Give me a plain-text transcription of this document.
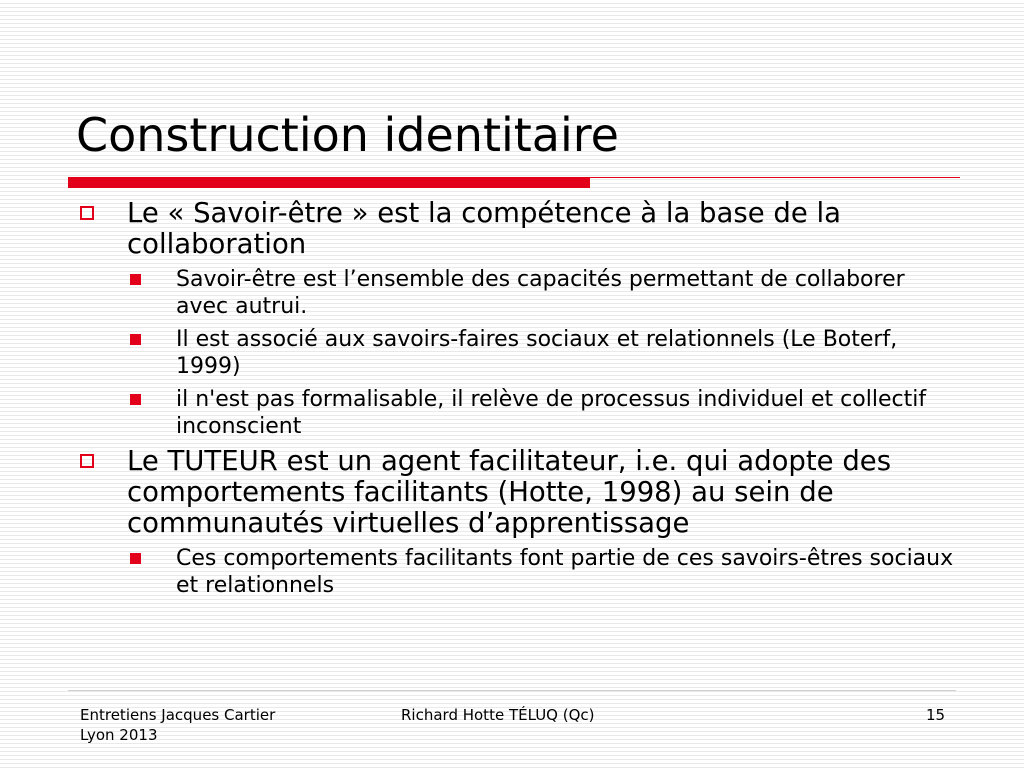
Construction identitaire
Le « Savoir-être » est la compétence à la base de la collaboration
Savoir-être est l’ensemble des capacités permettant de collaborer avec autrui.
Il est associé aux savoirs-faires sociaux et relationnels (Le Boterf, 1999)
il n'est pas formalisable, il relève de processus individuel et collectif inconscient
Le TUTEUR est un agent facilitateur, i.e. qui adopte des comportements facilitants (Hotte, 1998) au sein de communautés virtuelles d’apprentissage
Ces comportements facilitants font partie de ces savoirs-êtres sociaux et relationnels
Entretiens Jacques Cartier
Lyon 2013
Richard Hotte TÉLUQ (Qc)	15
